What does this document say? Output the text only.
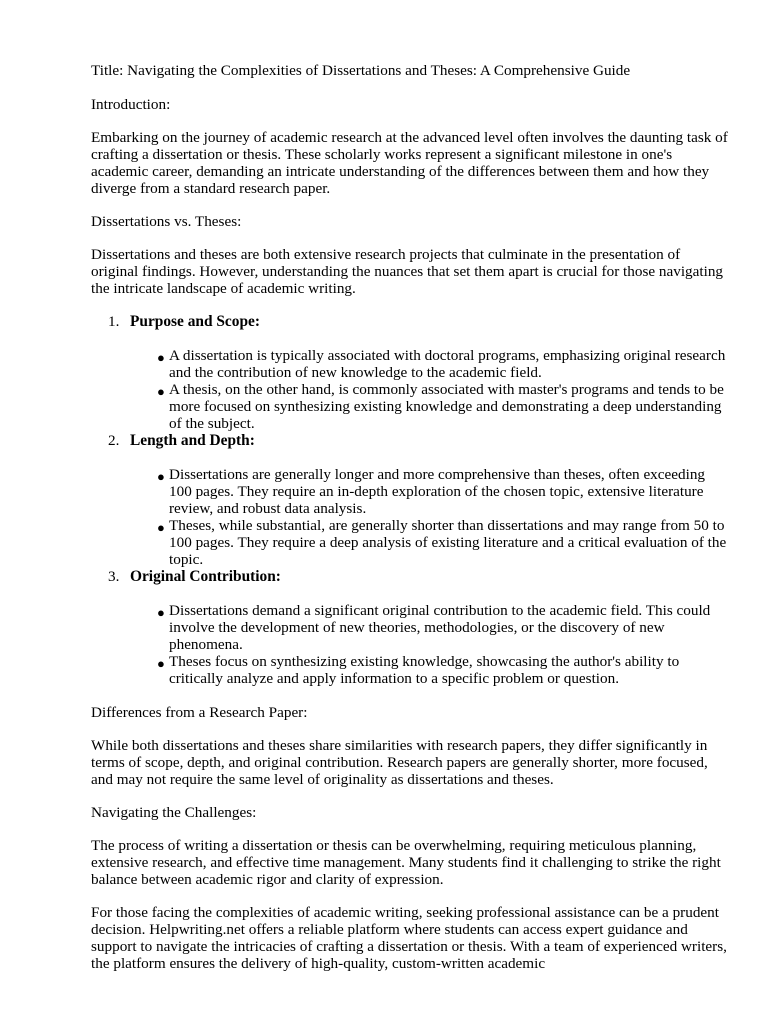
Title: Navigating the Complexities of Dissertations and Theses: A Comprehensive Guide

Introduction:

Embarking on the journey of academic research at the advanced level often involves the daunting task of crafting a dissertation or thesis. These scholarly works represent a significant milestone in one's academic career, demanding an intricate understanding of the differences between them and how they diverge from a standard research paper.

Dissertations vs. Theses:

Dissertations and theses are both extensive research projects that culminate in the presentation of original findings. However, understanding the nuances that set them apart is crucial for those navigating the intricate landscape of academic writing.

1. Purpose and Scope:

● A dissertation is typically associated with doctoral programs, emphasizing original research and the contribution of new knowledge to the academic field.
● A thesis, on the other hand, is commonly associated with master's programs and tends to be more focused on synthesizing existing knowledge and demonstrating a deep understanding of the subject.
2. Length and Depth:

● Dissertations are generally longer and more comprehensive than theses, often exceeding 100 pages. They require an in-depth exploration of the chosen topic, extensive literature review, and robust data analysis.
● Theses, while substantial, are generally shorter than dissertations and may range from 50 to 100 pages. They require a deep analysis of existing literature and a critical evaluation of the topic.
3. Original Contribution:

● Dissertations demand a significant original contribution to the academic field. This could involve the development of new theories, methodologies, or the discovery of new phenomena.
● Theses focus on synthesizing existing knowledge, showcasing the author's ability to critically analyze and apply information to a specific problem or question.

Differences from a Research Paper:

While both dissertations and theses share similarities with research papers, they differ significantly in terms of scope, depth, and original contribution. Research papers are generally shorter, more focused, and may not require the same level of originality as dissertations and theses.

Navigating the Challenges:

The process of writing a dissertation or thesis can be overwhelming, requiring meticulous planning, extensive research, and effective time management. Many students find it challenging to strike the right balance between academic rigor and clarity of expression.

For those facing the complexities of academic writing, seeking professional assistance can be a prudent decision. Helpwriting.net offers a reliable platform where students can access expert guidance and support to navigate the intricacies of crafting a dissertation or thesis. With a team of experienced writers, the platform ensures the delivery of high-quality, custom-written academic
